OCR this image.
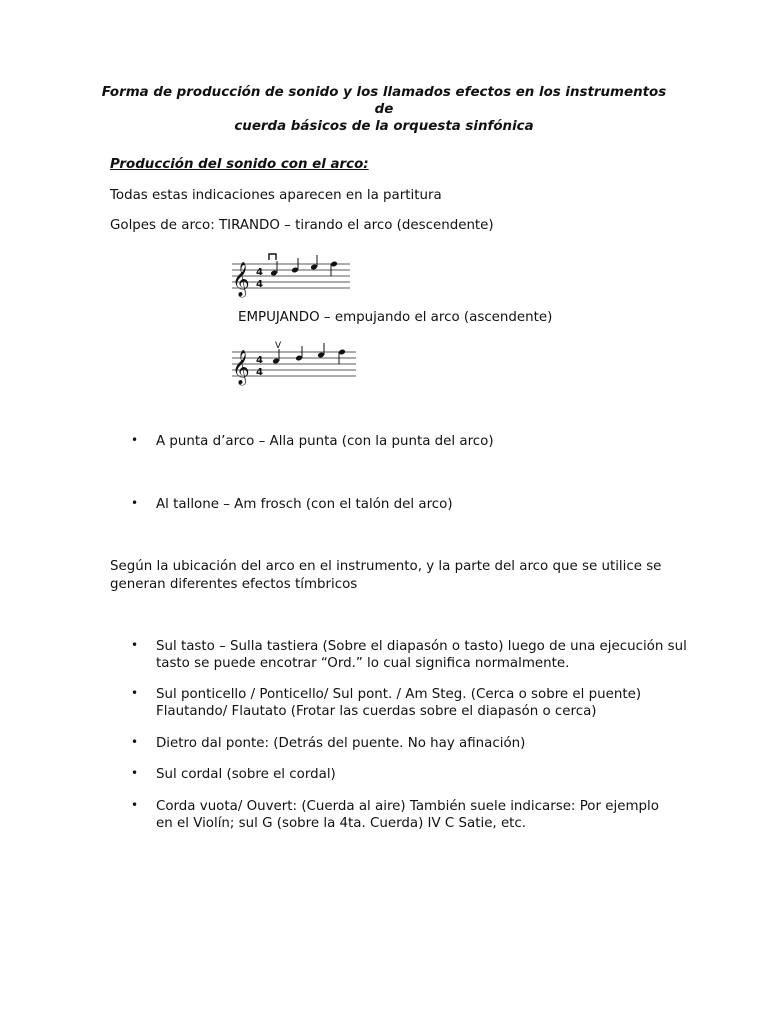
Forma de producción de sonido y los llamados efectos en los instrumentos de
cuerda básicos de la orquesta sinfónica
Producción del sonido con el arco:
Todas estas indicaciones aparecen en la partitura
Golpes de arco: TIRANDO – tirando el arco (descendente)
𝄞 4
4
EMPUJANDO – empujando el arco (ascendente)
𝄞 4
4
V
• A punta d’arco – Alla punta (con la punta del arco)
• Al tallone – Am frosch (con el talón del arco)
Según la ubicación del arco en el instrumento, y la parte del arco que se utilice se
generan diferentes efectos tímbricos
• Sul tasto – Sulla tastiera (Sobre el diapasón o tasto) luego de una ejecución sul
tasto se puede encotrar “Ord.” lo cual significa normalmente.
• Sul ponticello / Ponticello/ Sul pont. / Am Steg. (Cerca o sobre el puente)
Flautando/ Flautato (Frotar las cuerdas sobre el diapasón o cerca)
• Dietro dal ponte: (Detrás del puente. No hay afinación)
• Sul cordal (sobre el cordal)
• Corda vuota/ Ouvert: (Cuerda al aire) También suele indicarse: Por ejemplo
en el Violín; sul G (sobre la 4ta. Cuerda) IV C Satie, etc.
